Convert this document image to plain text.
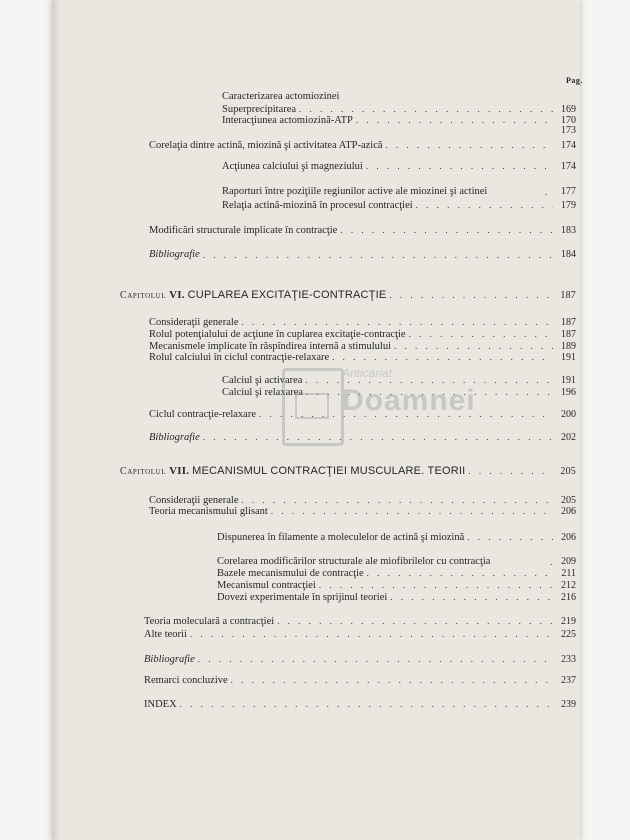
Pag.
Caracterizarea actomiozinei
Superprecipitarea . . .	169
Interacţiunea actomiozină-ATP . . .	170
173
Corelaţia dintre actină, miozină şi activitatea ATP-azică . . .	174
Acţiunea calciului şi magneziului . . .	174
Raporturi între poziţiile regiunilor active ale miozinei şi actinei . . .	177
Relaţia actină-miozină în procesul contracţiei . . .	179
Modificări structurale implicate în contracţie . . .	183
Bibliografie . . .	184
Capitolul VI. CUPLAREA EXCITAŢIE-CONTRACŢIE . . .	187
Consideraţii generale . . .	187
Rolul potenţialului de acţiune în cuplarea excitaţie-contracţie . . .	187
Mecanismele implicate în răspîndirea internă a stimulului . . .	189
Rolul calciului în ciclul contracţie-relaxare . . .	191
Calciul şi activarea . . .	191
Calciul şi relaxarea . . .	196
Ciclul contracţie-relaxare . . .	200
Bibliografie . . .	202
Capitolul VII. MECANISMUL CONTRACŢIEI MUSCULARE. TEORII . . .	205
Consideraţii generale . . .	205
Teoria mecanismului glisant . . .	206
Dispunerea în filamente a moleculelor de actină şi miozină . . .	206
Corelarea modificărilor structurale ale miofibrilelor cu contracţia . . .	209
Bazele mecanismului de contracţie . . .	211
Mecanismul contracţiei . . .	212
Dovezi experimentale în sprijinul teoriei . . .	216
Teoria moleculară a contracţiei . . .	219
Alte teorii . . .	225
Bibliografie . . .	233
Remarci concluzive . . .	237
INDEX . . .	239
Anticariat
Doamnei
